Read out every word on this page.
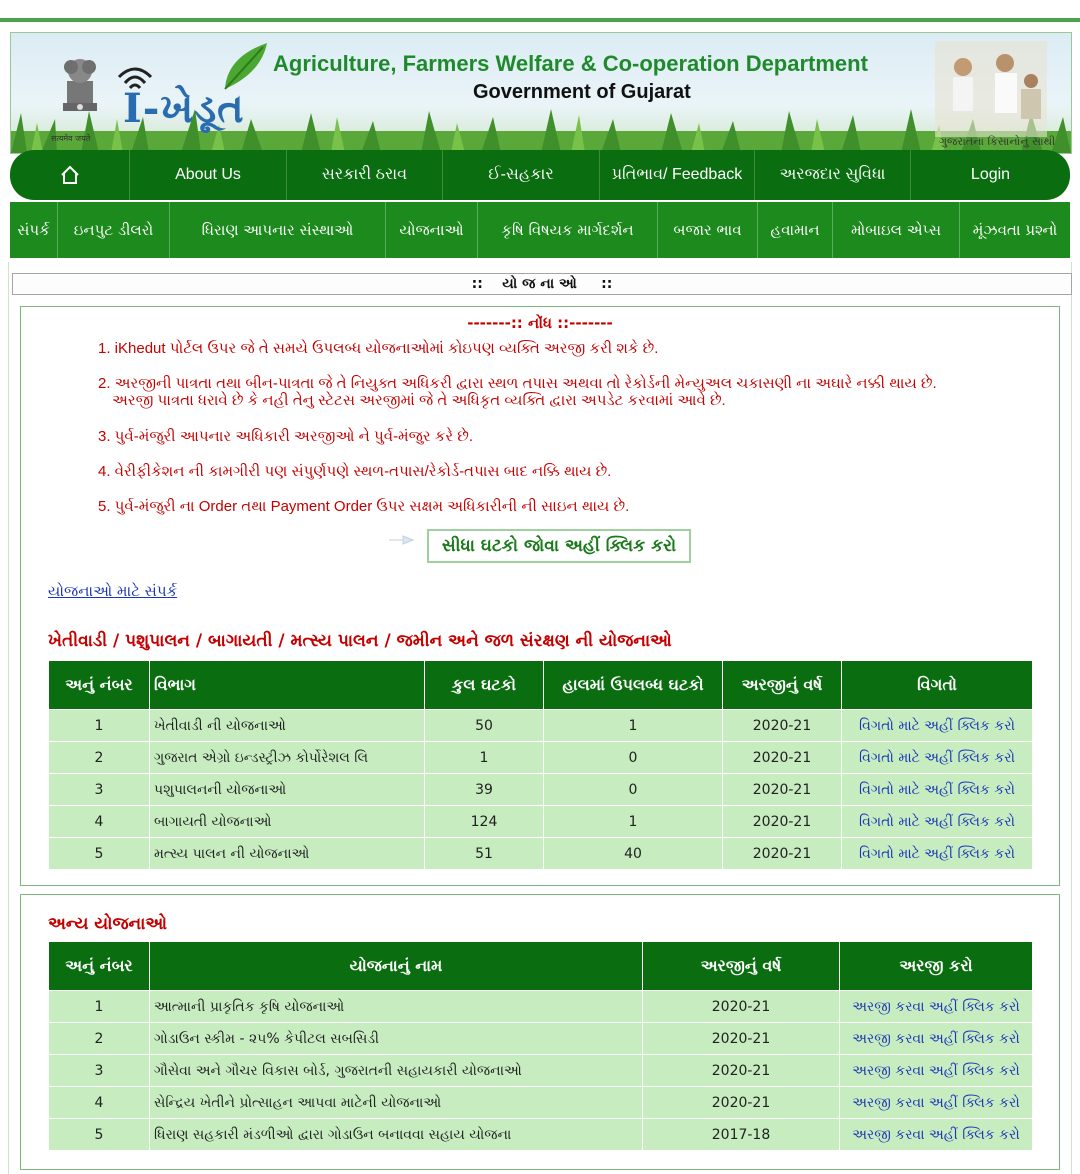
सत्यमेव जयते
I-ખેડૂત
Agriculture, Farmers Welfare & Co-operation Department
Government of Gujarat
ગુજરાતના કિસાનોનું સાથી
About Us	સરકારી ઠરાવ	ઈ-સહકાર	પ્રતિભાવ/ Feedback	અરજદાર સુવિધા	Login
સંપર્ક	ઇનપુટ ડીલરો	ધિરાણ આપનાર સંસ્થાઓ	યોજનાઓ	કૃષિ વિષયક માર્ગદર્શન	બજાર ભાવ	હવામાન	મોબાઇલ એપ્સ	મૂંઝવતા પ્રશ્નો
::    યો જ ના ઓ     ::
-------:: નોંધ ::-------
1. iKhedut પોર્ટલ ઉપર જે તે સમયે ઉપલબ્ધ યોજનાઓમાં કોઇપણ વ્યક્તિ અરજી કરી શકે છે.
2. અરજીની પાત્રતા તથા બીન-પાત્રતા જે તે નિયુક્ત અધિકરી દ્વારા સ્થળ તપાસ અથવા તો રેકોર્ડની મેન્યુઅલ ચકાસણી ના અઘારે નક્કી થાય છે.
અરજી પાત્રતા ધરાવે છે કે નહી તેનુ સ્ટેટસ અરજીમાં જે તે અધિકૃત વ્યક્તિ દ્વારા અપડેટ કરવામાં આવે છે.
3. પુર્વ-મંજુરી આપનાર અધિકારી અરજીઓ ને પુર્વ-મંજુર કરે છે.
4. વેરીફીકેશન ની કામગીરી પણ સંપુર્ણપણે સ્થળ-તપાસ/રેકોર્ડ-તપાસ બાદ નક્કિ થાય છે.
5. પુર્વ-મંજુરી ના Order તથા Payment Order ઉપર સક્ષમ અધિકારીની ની સાઇન થાય છે.
સીધા ઘટકો જોવા અહીં ક્લિક કરો
યોજનાઓ માટે સંપર્ક
ખેતીવાડી / પશુપાલન / બાગાયતી / મત્સ્ય પાલન / જમીન અને જળ સંરક્ષણ ની યોજનાઓ
અનું નંબર	વિભાગ	કુલ ઘટકો	હાલમાં ઉપલબ્ધ ઘટકો	અરજીનું વર્ષ	વિગતો
1	ખેતીવાડી ની યોજનાઓ	50	1	2020-21	વિગતો માટે અહીં ક્લિક કરો
2	ગુજરાત એગ્રો ઇન્ડસ્ટ્રીઝ કોર્પોરેશલ લિ	1	0	2020-21	વિગતો માટે અહીં ક્લિક કરો
3	પશુપાલનની યોજનાઓ	39	0	2020-21	વિગતો માટે અહીં ક્લિક કરો
4	બાગાયતી યોજનાઓ	124	1	2020-21	વિગતો માટે અહીં ક્લિક કરો
5	મત્સ્ય પાલન ની યોજનાઓ	51	40	2020-21	વિગતો માટે અહીં ક્લિક કરો
અન્ય યોજનાઓ
અનું નંબર	યોજનાનું નામ	અરજીનું વર્ષ	અરજી કરો
1	આત્માની પ્રાકૃતિક કૃષિ યોજનાઓ	2020-21	અરજી કરવા અહીં ક્લિક કરો
2	ગોડાઉન સ્કીમ - ૨૫% કેપીટલ સબસિડી	2020-21	અરજી કરવા અહીં ક્લિક કરો
3	ગૌસેવા અને ગૌચર વિકાસ બોર્ડ, ગુજરાતની સહાયકારી યોજનાઓ	2020-21	અરજી કરવા અહીં ક્લિક કરો
4	સેન્દ્રિય ખેતીને પ્રોત્સાહન આપવા માટેની યોજનાઓ	2020-21	અરજી કરવા અહીં ક્લિક કરો
5	ધિરાણ સહકારી મંડળીઓ દ્વારા ગોડાઉન બનાવવા સહાય યોજના	2017-18	અરજી કરવા અહીં ક્લિક કરો
